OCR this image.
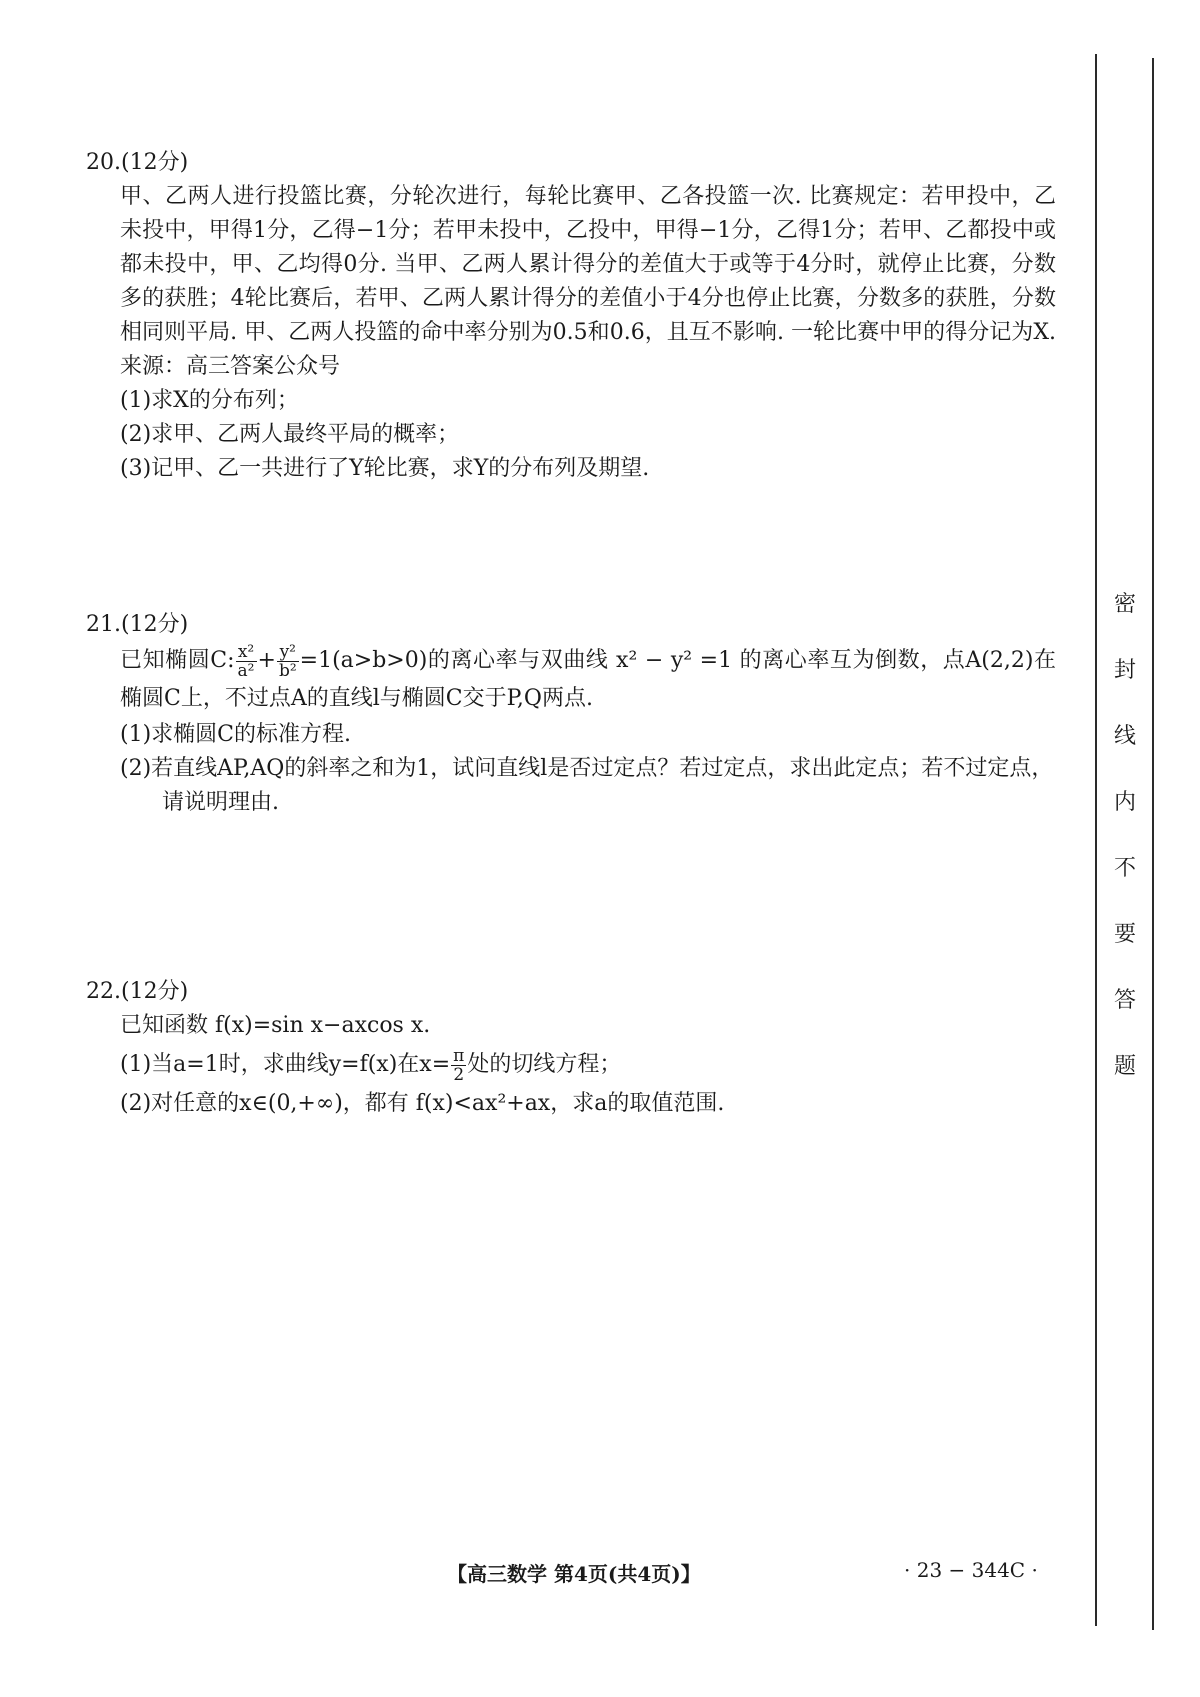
20.(12分)

甲、乙两人进行投篮比赛，分轮次进行，每轮比赛甲、乙各投篮一次. 比赛规定：若甲投中，乙未投中，甲得1分，乙得−1分；若甲未投中，乙投中，甲得−1分，乙得1分；若甲、乙都投中或都未投中，甲、乙均得0分. 当甲、乙两人累计得分的差值大于或等于4分时，就停止比赛，分数多的获胜；4轮比赛后，若甲、乙两人累计得分的差值小于4分也停止比赛，分数多的获胜，分数相同则平局. 甲、乙两人投篮的命中率分别为0.5和0.6，且互不影响. 一轮比赛中甲的得分记为X. 来源：高三答案公众号

(1)求X的分布列；

(2)求甲、乙两人最终平局的概率；

(3)记甲、乙一共进行了Y轮比赛，求Y的分布列及期望.

21.(12分)

已知椭圆C: $\frac{\text{x²}}{\text{a²}} + \frac{\text{y²}}{\text{b²}} =1(a>b>0)$的离心率与双曲线 x² − y² =1 的离心率互为倒数，点A(2,2)在椭圆C上，不过点A的直线l与椭圆C交于P,Q两点.

(1)求椭圆C的标准方程.

(2)若直线AP,AQ的斜率之和为1，试问直线l是否过定点？若过定点，求出此定点；若不过定点，请说明理由.

22.(12分)

已知函数 f(x)=sin x−axcos x.

(1)当a=1时，求曲线y=f(x)在$x= \frac{\pi}{2}$ 处的切线方程；

(2)对任意的x∈(0,+∞)，都有 f(x)<ax²+ax，求a的取值范围.

密
封
线
内
不
要
答
题
【高三数学 第4页(共4页)】	· 23 − 344C ·
